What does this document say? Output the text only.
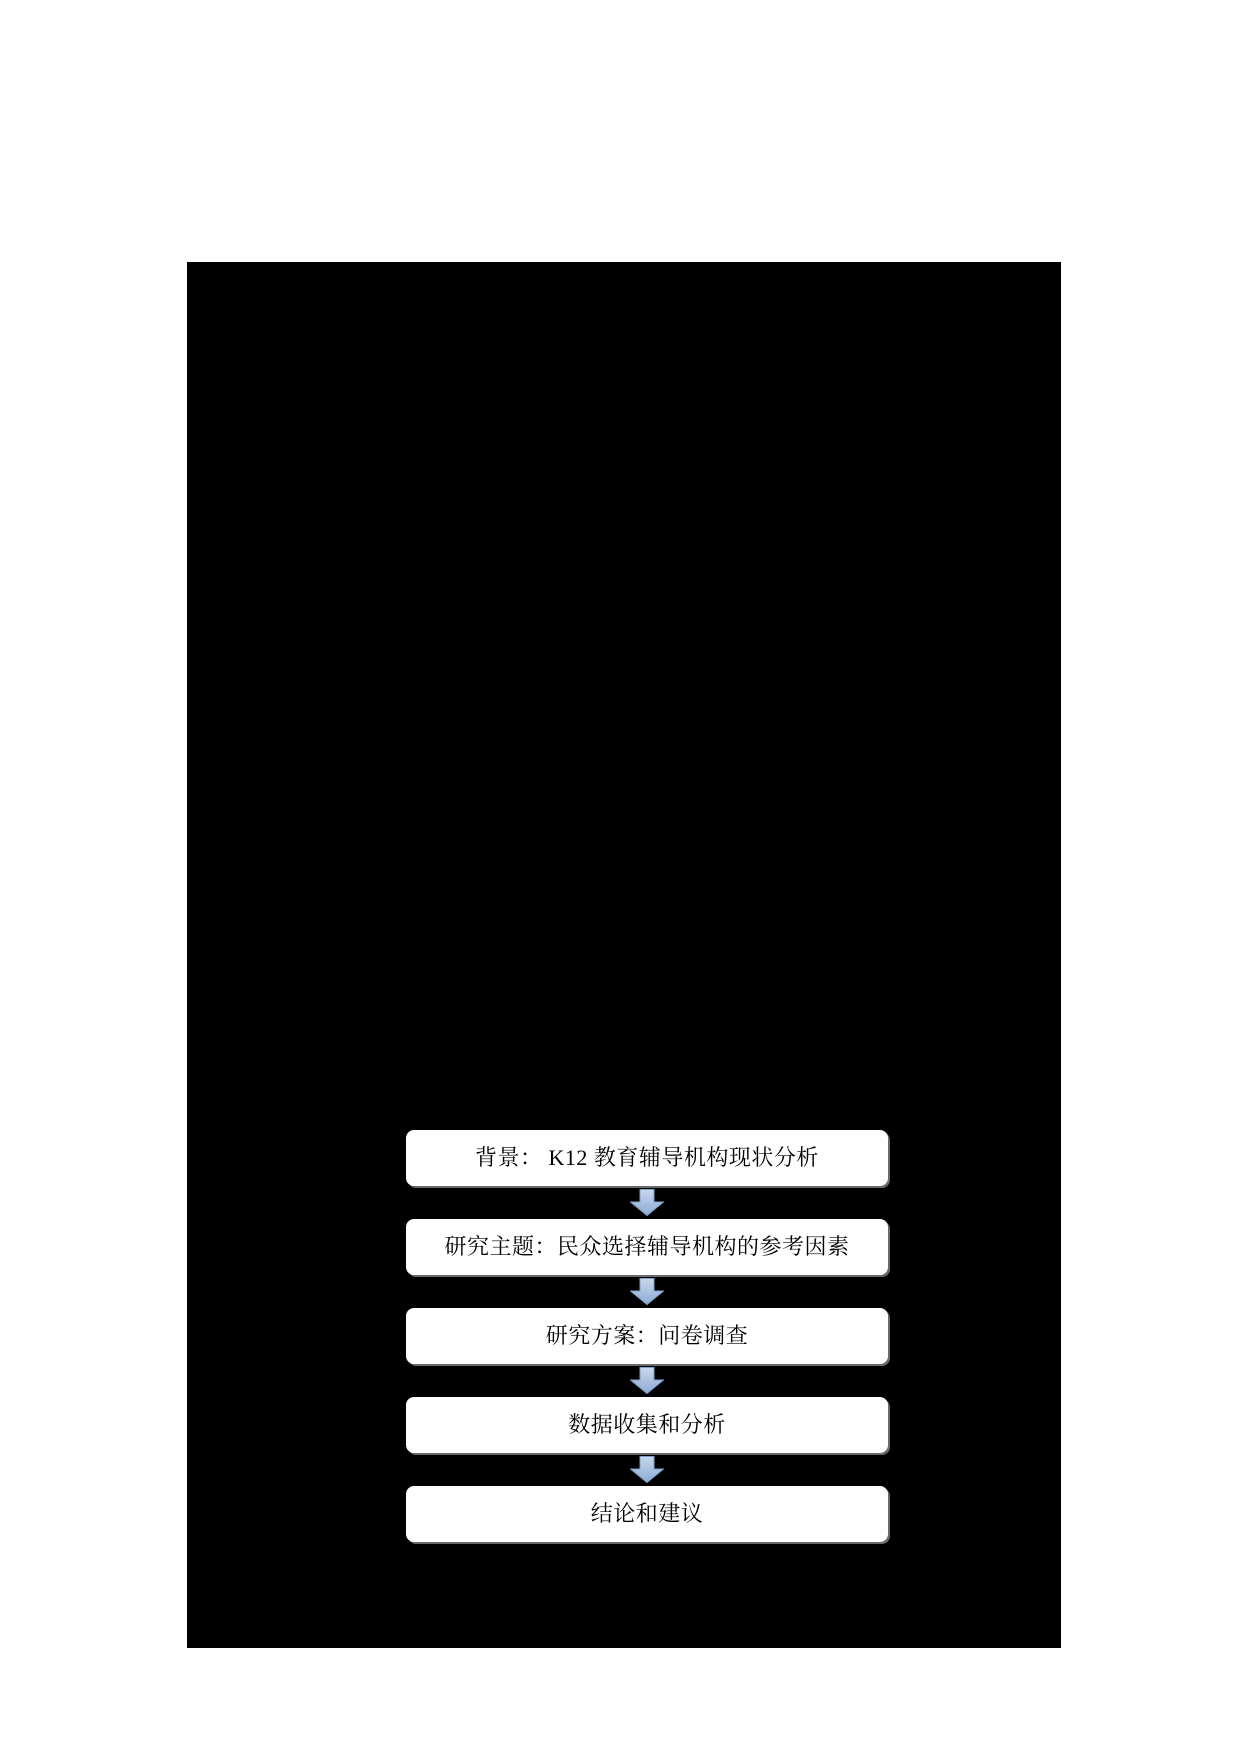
背景： K12 教育辅导机构现状分析
研究主题：民众选择辅导机构的参考因素
研究方案：问卷调查
数据收集和分析
结论和建议
